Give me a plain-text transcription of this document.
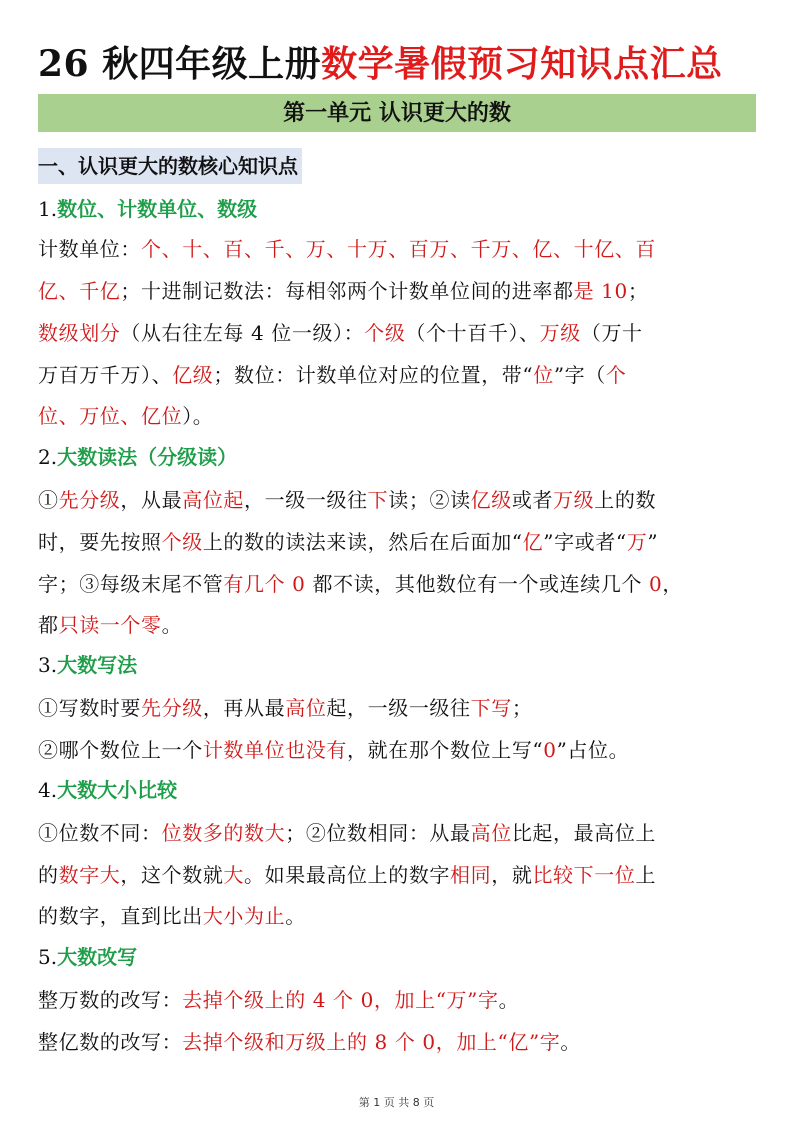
26 秋四年级上册数学暑假预习知识点汇总
第一单元 认识更大的数
一、认识更大的数核心知识点
1.数位、计数单位、数级
计数单位：个、十、百、千、万、十万、百万、千万、亿、十亿、百
亿、千亿；十进制记数法：每相邻两个计数单位间的进率都是 10；
数级划分（从右往左每 4 位一级）：个级（个十百千）、万级（万十
万百万千万）、亿级；数位：计数单位对应的位置，带“位”字（个
位、万位、亿位）。
2.大数读法（分级读）
①先分级，从最高位起，一级一级往下读；②读亿级或者万级上的数
时，要先按照个级上的数的读法来读，然后在后面加“亿”字或者“万”
字；③每级末尾不管有几个 0 都不读，其他数位有一个或连续几个 0，
都只读一个零。
3.大数写法
①写数时要先分级，再从最高位起，一级一级往下写；
②哪个数位上一个计数单位也没有，就在那个数位上写“0”占位。
4.大数大小比较
①位数不同：位数多的数大；②位数相同：从最高位比起，最高位上
的数字大，这个数就大。如果最高位上的数字相同，就比较下一位上
的数字，直到比出大小为止。
5.大数改写
整万数的改写：去掉个级上的 4 个 0，加上“万”字。
整亿数的改写：去掉个级和万级上的 8 个 0，加上“亿”字。
第 1 页 共 8 页
